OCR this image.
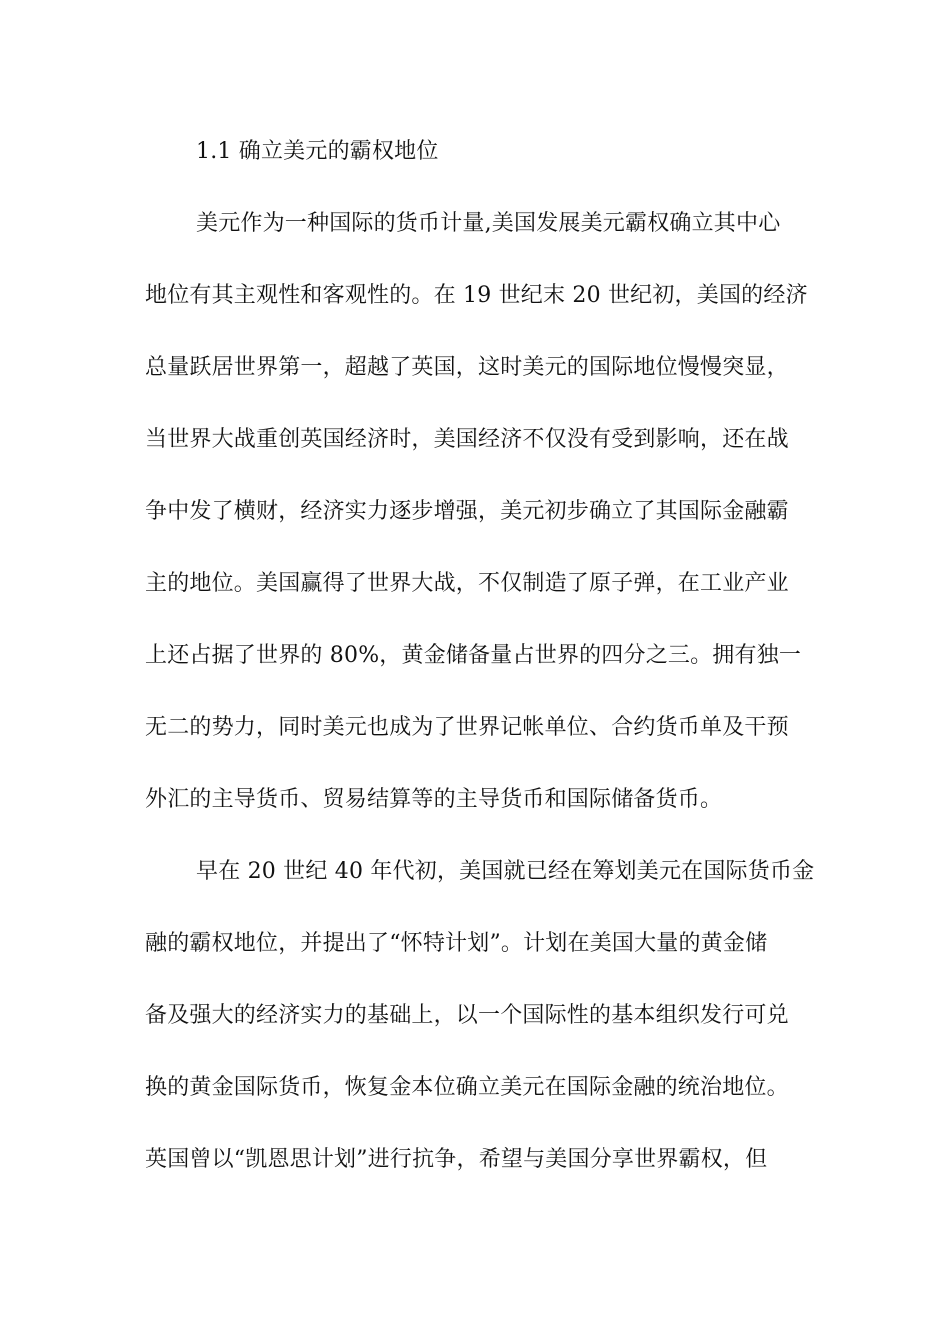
1.1 确立美元的霸权地位
美元作为一种国际的货币计量,美国发展美元霸权确立其中心
地位有其主观性和客观性的。在 19 世纪末 20 世纪初，美国的经济
总量跃居世界第一，超越了英国，这时美元的国际地位慢慢突显，
当世界大战重创英国经济时，美国经济不仅没有受到影响，还在战
争中发了横财，经济实力逐步增强，美元初步确立了其国际金融霸
主的地位。美国赢得了世界大战，不仅制造了原子弹，在工业产业
上还占据了世界的 80%，黄金储备量占世界的四分之三。拥有独一
无二的势力，同时美元也成为了世界记帐单位、合约货币单及干预
外汇的主导货币、贸易结算等的主导货币和国际储备货币。
早在 20 世纪 40 年代初，美国就已经在筹划美元在国际货币金
融的霸权地位，并提出了“怀特计划”。计划在美国大量的黄金储
备及强大的经济实力的基础上，以一个国际性的基本组织发行可兑
换的黄金国际货币，恢复金本位确立美元在国际金融的统治地位。
英国曾以“凯恩思计划”进行抗争，希望与美国分享世界霸权，但
